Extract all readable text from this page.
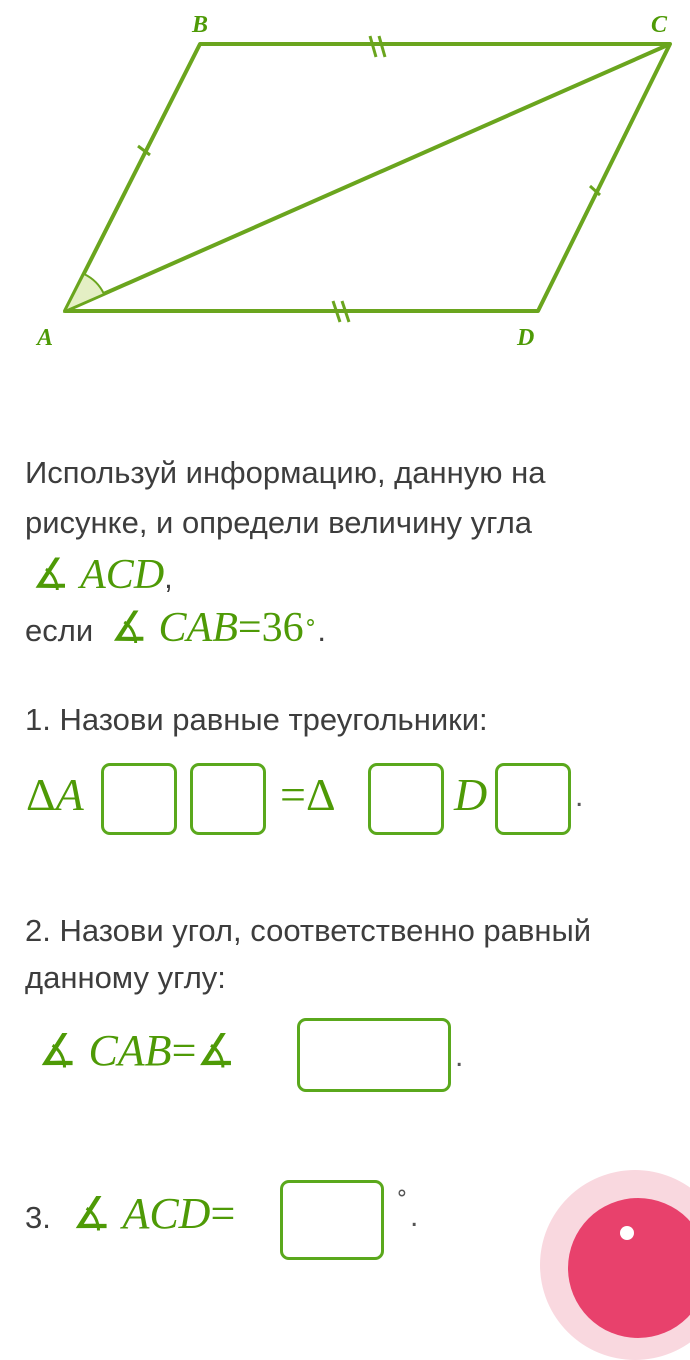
B	C
A	D
Используй информацию, данную на
рисунке, и определи величину угла
∡ ACD,
если ∡ CAB=36∘.
1. Назови равные треугольники:
ΔA	=Δ	D	.
2. Назови угол, соответственно равный
данному углу:
∡ CAB=∡	.
3. ∡ ACD=	∘
.
